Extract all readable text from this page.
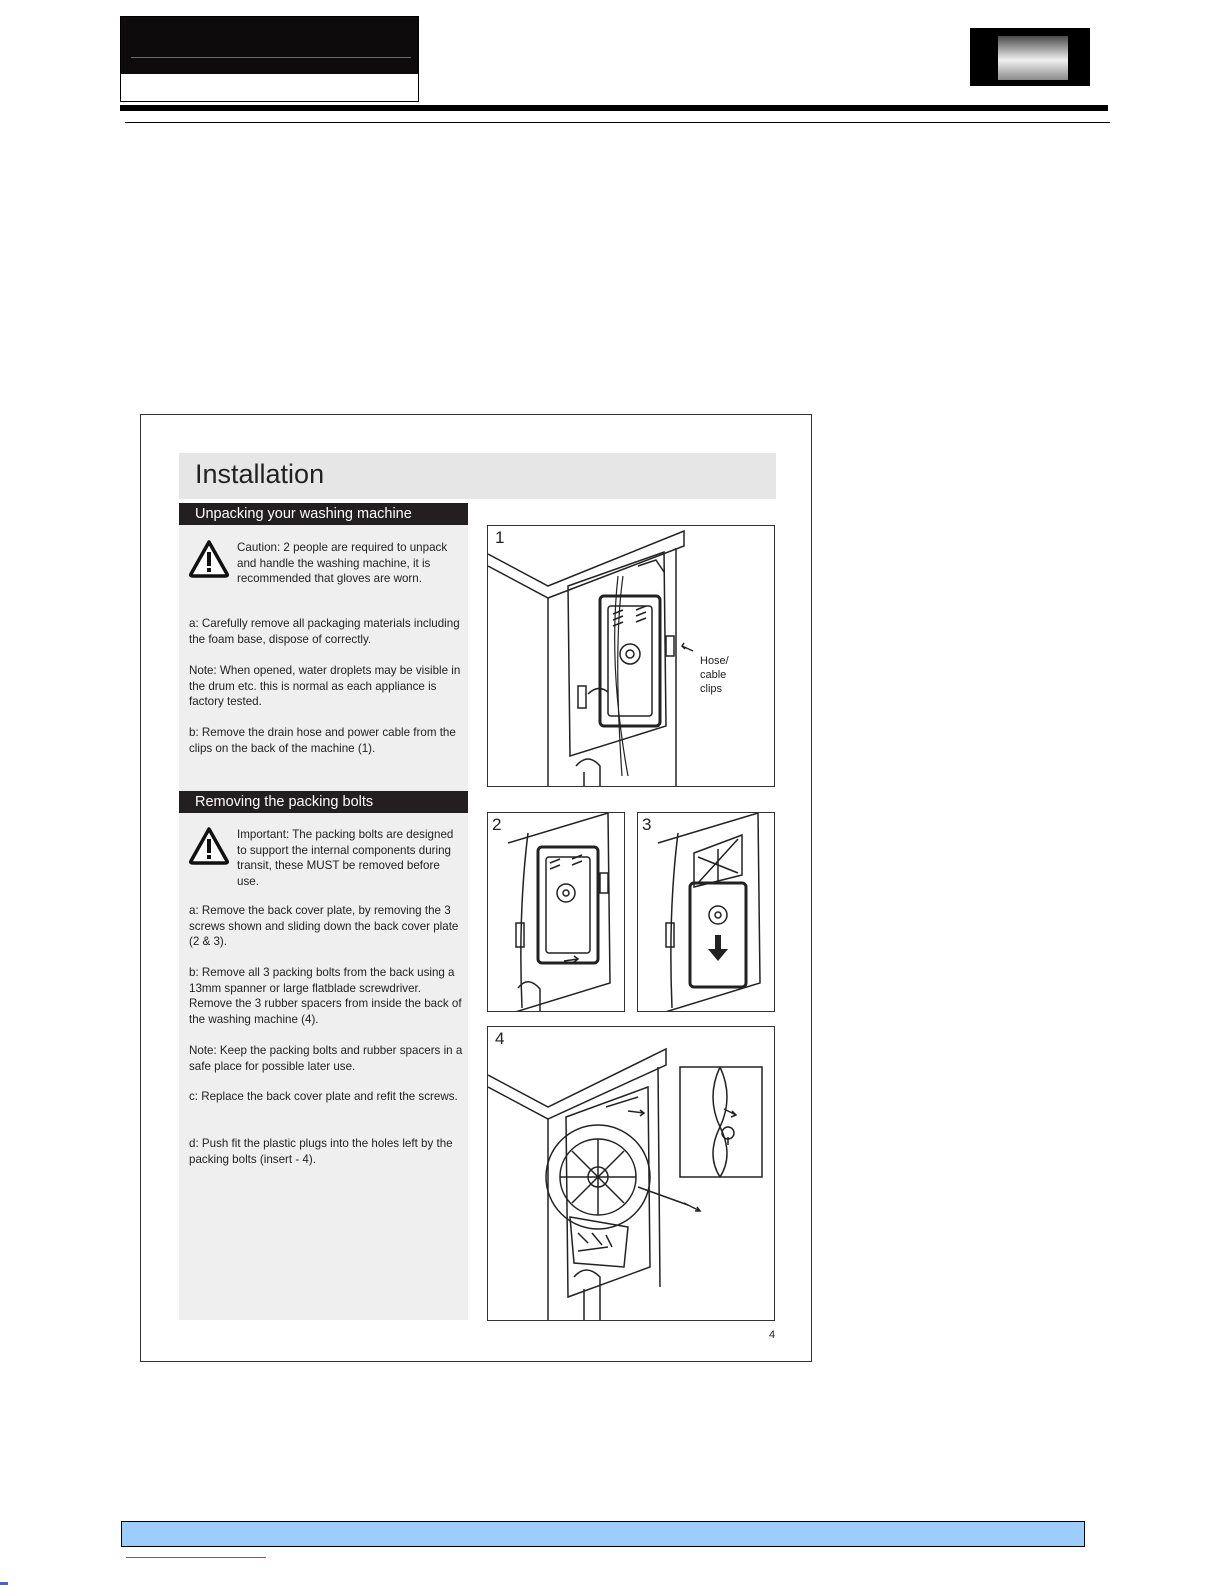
Installation
Unpacking your washing machine
Caution: 2 people are required to unpack and handle the washing machine, it is recommended that gloves are worn.
a: Carefully remove all packaging materials including the foam base, dispose of correctly.
Note: When opened, water droplets may be visible in the drum etc. this is normal as each appliance is factory tested.
b: Remove the drain hose and power cable from the clips on the back of the machine (1).
Removing the packing bolts
Important: The packing bolts are designed to support the internal components during transit, these MUST be removed before use.
a: Remove the back cover plate, by removing the 3 screws shown and sliding down the back cover plate (2 & 3).
b: Remove all 3 packing bolts from the back using a 13mm spanner or large flatblade screwdriver. Remove the 3 rubber spacers from inside the back of the washing machine (4).
Note: Keep the packing bolts and rubber spacers in a safe place for possible later use.
c: Replace the back cover plate and refit the screws.
d: Push fit the plastic plugs into the holes left by the packing bolts (insert - 4).
1
Hose/
cable
clips
2	3
4
4
